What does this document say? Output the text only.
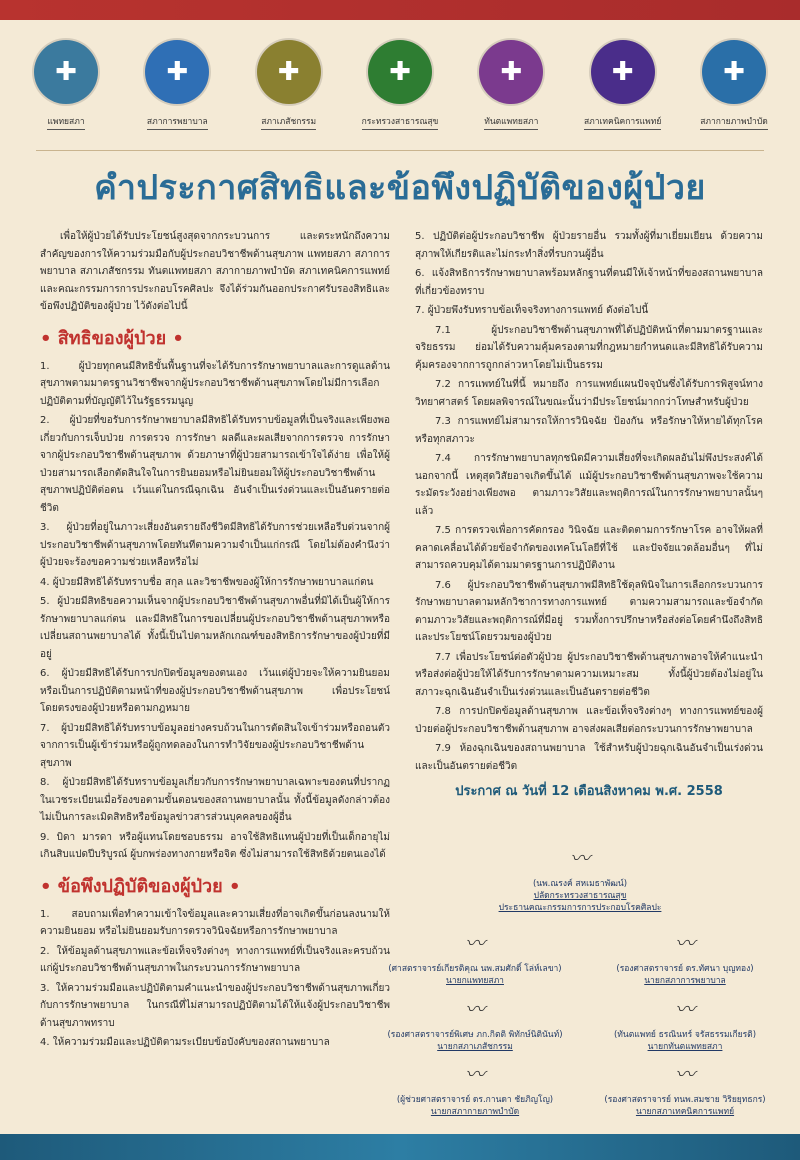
✚
แพทยสภา
✚
สภาการพยาบาล
✚
สภาเภสัชกรรม
✚
กระทรวงสาธารณสุข
✚
ทันตแพทยสภา
✚
สภาเทคนิคการแพทย์
✚
สภากายภาพบำบัด
คำประกาศสิทธิและข้อพึงปฏิบัติของผู้ป่วย

เพื่อให้ผู้ป่วยได้รับประโยชน์สูงสุดจากกระบวนการ และตระหนักถึงความสำคัญของการให้ความร่วมมือกับผู้ประกอบวิชาชีพด้านสุขภาพ แพทยสภา สภาการพยาบาล สภาเภสัชกรรม ทันตแพทยสภา สภากายภาพบำบัด สภาเทคนิคการแพทย์ และคณะกรรมการการประกอบโรคศิลปะ จึงได้ร่วมกันออกประกาศรับรองสิทธิและข้อพึงปฏิบัติของผู้ป่วย ไว้ดังต่อไปนี้

• สิทธิของผู้ป่วย •

1. ผู้ป่วยทุกคนมีสิทธิขั้นพื้นฐานที่จะได้รับการรักษาพยาบาลและการดูแลด้านสุขภาพตามมาตรฐานวิชาชีพจากผู้ประกอบวิชาชีพด้านสุขภาพโดยไม่มีการเลือกปฏิบัติตามที่บัญญัติไว้ในรัฐธรรมนูญ

2. ผู้ป่วยที่ขอรับการรักษาพยาบาลมีสิทธิได้รับทราบข้อมูลที่เป็นจริงและเพียงพอเกี่ยวกับการเจ็บป่วย การตรวจ การรักษา ผลดีและผลเสียจากการตรวจ การรักษาจากผู้ประกอบวิชาชีพด้านสุขภาพ ด้วยภาษาที่ผู้ป่วยสามารถเข้าใจได้ง่าย เพื่อให้ผู้ป่วยสามารถเลือกตัดสินใจในการยินยอมหรือไม่ยินยอมให้ผู้ประกอบวิชาชีพด้านสุขภาพปฏิบัติต่อตน เว้นแต่ในกรณีฉุกเฉิน อันจำเป็นเร่งด่วนและเป็นอันตรายต่อชีวิต

3. ผู้ป่วยที่อยู่ในภาวะเสี่ยงอันตรายถึงชีวิตมีสิทธิได้รับการช่วยเหลือรีบด่วนจากผู้ประกอบวิชาชีพด้านสุขภาพโดยทันทีตามความจำเป็นแก่กรณี โดยไม่ต้องคำนึงว่าผู้ป่วยจะร้องขอความช่วยเหลือหรือไม่

4. ผู้ป่วยมีสิทธิได้รับทราบชื่อ สกุล และวิชาชีพของผู้ให้การรักษาพยาบาลแก่ตน

5. ผู้ป่วยมีสิทธิขอความเห็นจากผู้ประกอบวิชาชีพด้านสุขภาพอื่นที่มิได้เป็นผู้ให้การรักษาพยาบาลแก่ตน และมีสิทธิในการขอเปลี่ยนผู้ประกอบวิชาชีพด้านสุขภาพหรือเปลี่ยนสถานพยาบาลได้ ทั้งนี้เป็นไปตามหลักเกณฑ์ของสิทธิการรักษาของผู้ป่วยที่มีอยู่

6. ผู้ป่วยมีสิทธิได้รับการปกปิดข้อมูลของตนเอง เว้นแต่ผู้ป่วยจะให้ความยินยอมหรือเป็นการปฏิบัติตามหน้าที่ของผู้ประกอบวิชาชีพด้านสุขภาพ เพื่อประโยชน์โดยตรงของผู้ป่วยหรือตามกฎหมาย

7. ผู้ป่วยมีสิทธิได้รับทราบข้อมูลอย่างครบถ้วนในการตัดสินใจเข้าร่วมหรือถอนตัวจากการเป็นผู้เข้าร่วมหรือผู้ถูกทดลองในการทำวิจัยของผู้ประกอบวิชาชีพด้านสุขภาพ

8. ผู้ป่วยมีสิทธิได้รับทราบข้อมูลเกี่ยวกับการรักษาพยาบาลเฉพาะของตนที่ปรากฏในเวชระเบียนเมื่อร้องขอตามขั้นตอนของสถานพยาบาลนั้น ทั้งนี้ข้อมูลดังกล่าวต้องไม่เป็นการละเมิดสิทธิหรือข้อมูลข่าวสารส่วนบุคคลของผู้อื่น

9. บิดา มารดา หรือผู้แทนโดยชอบธรรม อาจใช้สิทธิแทนผู้ป่วยที่เป็นเด็กอายุไม่เกินสิบแปดปีบริบูรณ์ ผู้บกพร่องทางกายหรือจิต ซึ่งไม่สามารถใช้สิทธิด้วยตนเองได้

• ข้อพึงปฏิบัติของผู้ป่วย •

1. สอบถามเพื่อทำความเข้าใจข้อมูลและความเสี่ยงที่อาจเกิดขึ้นก่อนลงนามให้ความยินยอม หรือไม่ยินยอมรับการตรวจวินิจฉัยหรือการรักษาพยาบาล

2. ให้ข้อมูลด้านสุขภาพและข้อเท็จจริงต่างๆ ทางการแพทย์ที่เป็นจริงและครบถ้วนแก่ผู้ประกอบวิชาชีพด้านสุขภาพในกระบวนการรักษาพยาบาล

3. ให้ความร่วมมือและปฏิบัติตามคำแนะนำของผู้ประกอบวิชาชีพด้านสุขภาพเกี่ยวกับการรักษาพยาบาล ในกรณีที่ไม่สามารถปฏิบัติตามได้ให้แจ้งผู้ประกอบวิชาชีพด้านสุขภาพทราบ

4. ให้ความร่วมมือและปฏิบัติตามระเบียบข้อบังคับของสถานพยาบาล

5. ปฏิบัติต่อผู้ประกอบวิชาชีพ ผู้ป่วยรายอื่น รวมทั้งผู้ที่มาเยี่ยมเยียน ด้วยความสุภาพให้เกียรติและไม่กระทำสิ่งที่รบกวนผู้อื่น

6. แจ้งสิทธิการรักษาพยาบาลพร้อมหลักฐานที่ตนมีให้เจ้าหน้าที่ของสถานพยาบาลที่เกี่ยวข้องทราบ

7. ผู้ป่วยพึงรับทราบข้อเท็จจริงทางการแพทย์ ดังต่อไปนี้

7.1 ผู้ประกอบวิชาชีพด้านสุขภาพที่ได้ปฏิบัติหน้าที่ตามมาตรฐานและจริยธรรม ย่อมได้รับความคุ้มครองตามที่กฎหมายกำหนดและมีสิทธิได้รับความคุ้มครองจากการถูกกล่าวหาโดยไม่เป็นธรรม

7.2 การแพทย์ในที่นี้ หมายถึง การแพทย์แผนปัจจุบันซึ่งได้รับการพิสูจน์ทางวิทยาศาสตร์ โดยผลพิจารณ์ในขณะนั้นว่ามีประโยชน์มากกว่าโทษสำหรับผู้ป่วย

7.3 การแพทย์ไม่สามารถให้การวินิจฉัย ป้องกัน หรือรักษาให้หายได้ทุกโรคหรือทุกสภาวะ

7.4 การรักษาพยาบาลทุกชนิดมีความเสี่ยงที่จะเกิดผลอันไม่พึงประสงค์ได้ นอกจากนี้ เหตุสุดวิสัยอาจเกิดขึ้นได้ แม้ผู้ประกอบวิชาชีพด้านสุขภาพจะใช้ความระมัดระวังอย่างเพียงพอ ตามภาวะวิสัยและพฤติการณ์ในการรักษาพยาบาลนั้นๆ แล้ว

7.5 การตรวจเพื่อการคัดกรอง วินิจฉัย และติดตามการรักษาโรค อาจให้ผลที่คลาดเคลื่อนได้ด้วยข้อจำกัดของเทคโนโลยีที่ใช้ และปัจจัยแวดล้อมอื่นๆ ที่ไม่สามารถควบคุมได้ตามมาตรฐานการปฏิบัติงาน

7.6 ผู้ประกอบวิชาชีพด้านสุขภาพมีสิทธิใช้ดุลพินิจในการเลือกกระบวนการรักษาพยาบาลตามหลักวิชาการทางการแพทย์ ตามความสามารถและข้อจำกัด ตามภาวะวิสัยและพฤติการณ์ที่มีอยู่ รวมทั้งการปรึกษาหรือส่งต่อโดยคำนึงถึงสิทธิและประโยชน์โดยรวมของผู้ป่วย

7.7 เพื่อประโยชน์ต่อตัวผู้ป่วย ผู้ประกอบวิชาชีพด้านสุขภาพอาจให้คำแนะนำหรือส่งต่อผู้ป่วยให้ได้รับการรักษาตามความเหมาะสม ทั้งนี้ผู้ป่วยต้องไม่อยู่ในสภาวะฉุกเฉินอันจำเป็นเร่งด่วนและเป็นอันตรายต่อชีวิต

7.8 การปกปิดข้อมูลด้านสุขภาพ และข้อเท็จจริงต่างๆ ทางการแพทย์ของผู้ป่วยต่อผู้ประกอบวิชาชีพด้านสุขภาพ อาจส่งผลเสียต่อกระบวนการรักษาพยาบาล

7.9 ห้องฉุกเฉินของสถานพยาบาล ใช้สำหรับผู้ป่วยฉุกเฉินอันจำเป็นเร่งด่วนและเป็นอันตรายต่อชีวิต

ประกาศ ณ วันที่ 12 เดือนสิงหาคม พ.ศ. 2558
〰
(นพ.ณรงค์ สหเมธาพัฒน์)
ปลัดกระทรวงสาธารณสุข
ประธานคณะกรรมการการประกอบโรคศิลปะ
〰
(ศาสตราจารย์เกียรติคุณ นพ.สมศักดิ์ โล่ห์เลขา)
นายกแพทยสภา
〰
(รองศาสตราจารย์ ดร.ทัศนา บุญทอง)
นายกสภาการพยาบาล
〰
(รองศาสตราจารย์พิเศษ ภก.กิตติ พิทักษ์นิตินันท์)
นายกสภาเภสัชกรรม
〰
(ทันตแพทย์ ธรณินทร์ จรัสธรรมเกียรติ)
นายกทันตแพทยสภา
〰
(ผู้ช่วยศาสตราจารย์ ดร.กานดา ชัยภิญโญ)
นายกสภากายภาพบำบัด
〰
(รองศาสตราจารย์ ทนพ.สมชาย วิริยยุทธกร)
นายกสภาเทคนิคการแพทย์
